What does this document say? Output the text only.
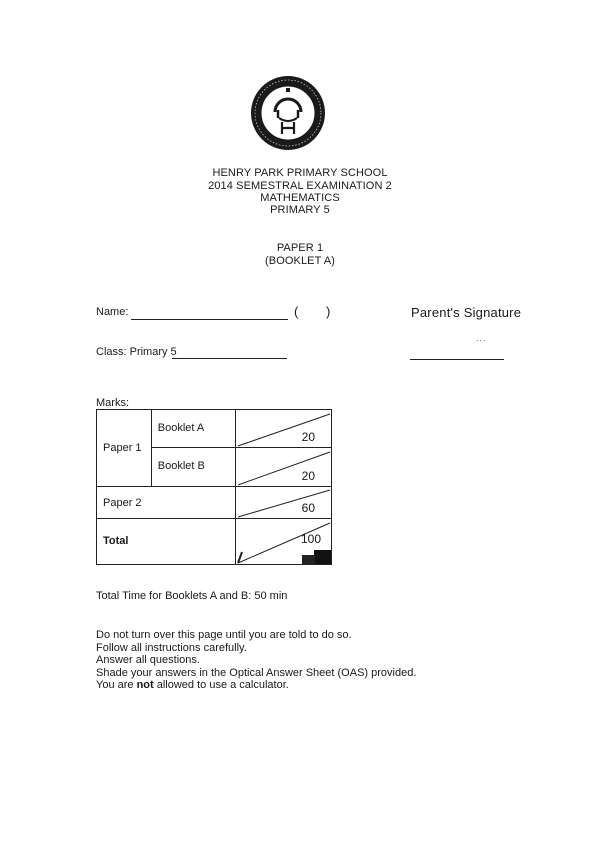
HENRY PARK PRIMARY SCHOOL
2014 SEMESTRAL EXAMINATION 2
MATHEMATICS
PRIMARY 5
PAPER 1
(BOOKLET A)
Name:	( )	Parent's Signature
...
Class: Primary 5
Marks:
Paper 1	Booklet A	20

	Booklet B	20

Paper 2		60

Total		100
Total Time for Booklets A and B: 50 min
Do not turn over this page until you are told to do so.
Follow all instructions carefully.
Answer all questions.
Shade your answers in the Optical Answer Sheet (OAS) provided.
You are not allowed to use a calculator.
